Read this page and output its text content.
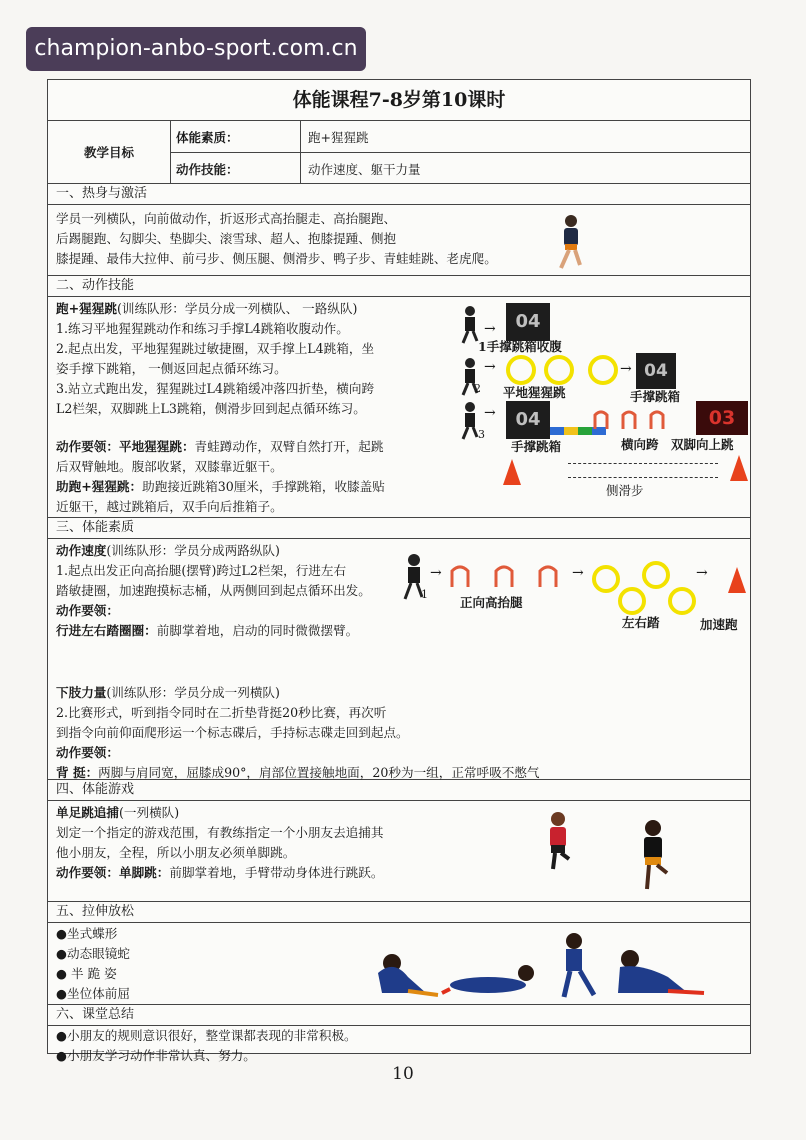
champion-anbo-sport.com.cn
体能课程7-8岁第10课时
教学目标
体能素质：	跑+猩猩跳
动作技能：	动作速度、躯干力量
一、热身与激活
学员一列横队，向前做动作，折返形式高抬腿走、高抬腿跑、
后踢腿跑、勾脚尖、垫脚尖、滚雪球、超人、抱膝提踵、侧抱
膝提踵、最伟大拉伸、前弓步、侧压腿、侧滑步、鸭子步、青蛙蛙跳、老虎爬。
二、动作技能
跑+猩猩跳(训练队形：学员分成一列横队、 一路纵队)
1.练习平地猩猩跳动作和练习手撑L4跳箱收腹动作。
2.起点出发，平地猩猩跳过敏捷圈，双手撑上L4跳箱，坐
姿手撑下跳箱， 一侧返回起点循环练习。
3.站立式跑出发，猩猩跳过L4跳箱缓冲落四折垫，横向跨
L2栏架，双脚跳上L3跳箱，侧滑步回到起点循环练习。
动作要领：平地猩猩跳：青蛙蹲动作，双臂自然打开，起跳
后双臂触地。腹部收紧，双膝靠近躯干。
助跑+猩猩跳：助跑接近跳箱30厘米，手撑跳箱，收膝盖贴
近躯干，越过跳箱后，双手向后推箱子。
→	04
1手撑跳箱收腹
2
→	→ 04
平地猩猩跳	手撑跳箱
3
→	04	03
手撑跳箱	横向跨 双脚向上跳
侧滑步
三、体能素质
动作速度(训练队形：学员分成两路纵队)
1.起点出发正向高抬腿(摆臂)跨过L2栏架，行进左右
踏敏捷圈，加速跑摸标志桶，从两侧回到起点循环出发。
动作要领：
行进左右踏圈圈：前脚掌着地，启动的同时微微摆臂。
下肢力量(训练队形：学员分成一列横队)
2.比赛形式，听到指令同时在二折垫背挺20秒比赛，再次听
到指令向前仰面爬形运一个标志碟后，手持标志碟走回到起点。
动作要领：
背 挺：两脚与肩同宽，屈膝成90°，肩部位置接触地面，20秒为一组，正常呼吸不憋气
1
→
正向高抬腿
→	→
左右踏	加速跑
四、体能游戏
单足跳追捕(一列横队)
划定一个指定的游戏范围，有教练指定一个小朋友去追捕其
他小朋友，全程，所以小朋友必须单脚跳。
动作要领：单脚跳：前脚掌着地，手臂带动身体进行跳跃。
五、拉伸放松
●坐式蝶形
●动态眼镜蛇
● 半 跪 姿
●坐位体前屈
六、课堂总结
●小朋友的规则意识很好，整堂课都表现的非常积极。
●小朋友学习动作非常认真、努力。
10
